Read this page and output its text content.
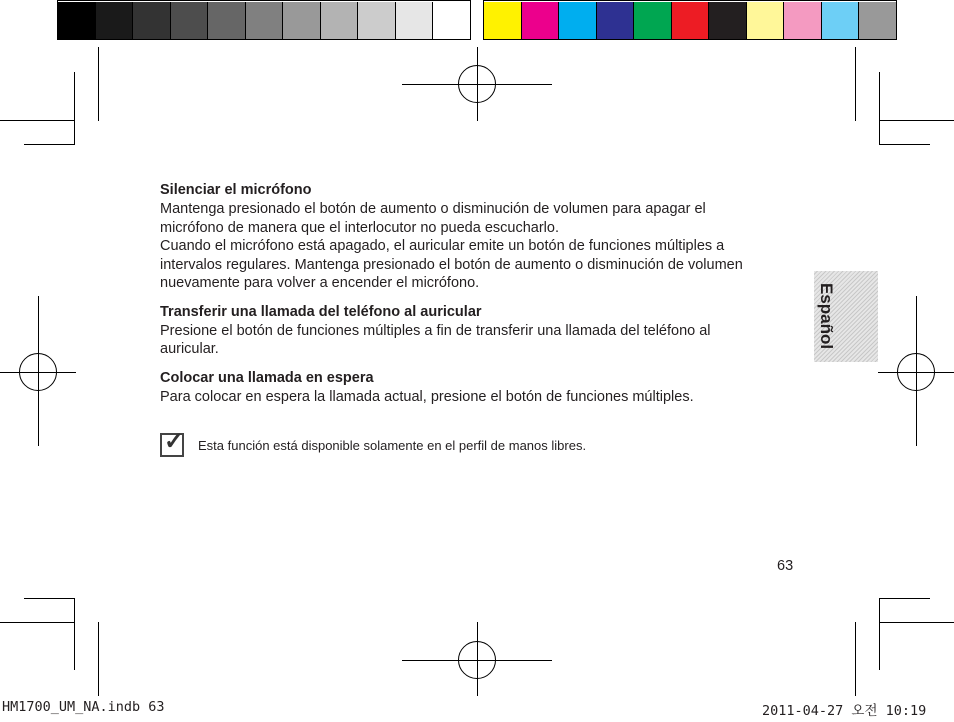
Silenciar el micrófono

Mantenga presionado el botón de aumento o disminución de volumen para apagar el micrófono de manera que el interlocutor no pueda escucharlo.

Cuando el micrófono está apagado, el auricular emite un botón de funciones múltiples a intervalos regulares. Mantenga presionado el botón de aumento o disminución de volumen nuevamente para volver a encender el micrófono.

Transferir una llamada del teléfono al auricular

Presione el botón de funciones múltiples a fin de transferir una llamada del teléfono al auricular.

Colocar una llamada en espera

Para colocar en espera la llamada actual, presione el botón de funciones múltiples.

✓ Esta función está disponible solamente en el perfil de manos libres.
Español
63
HM1700_UM_NA.indb 63	2011-04-27 오전 10:19
